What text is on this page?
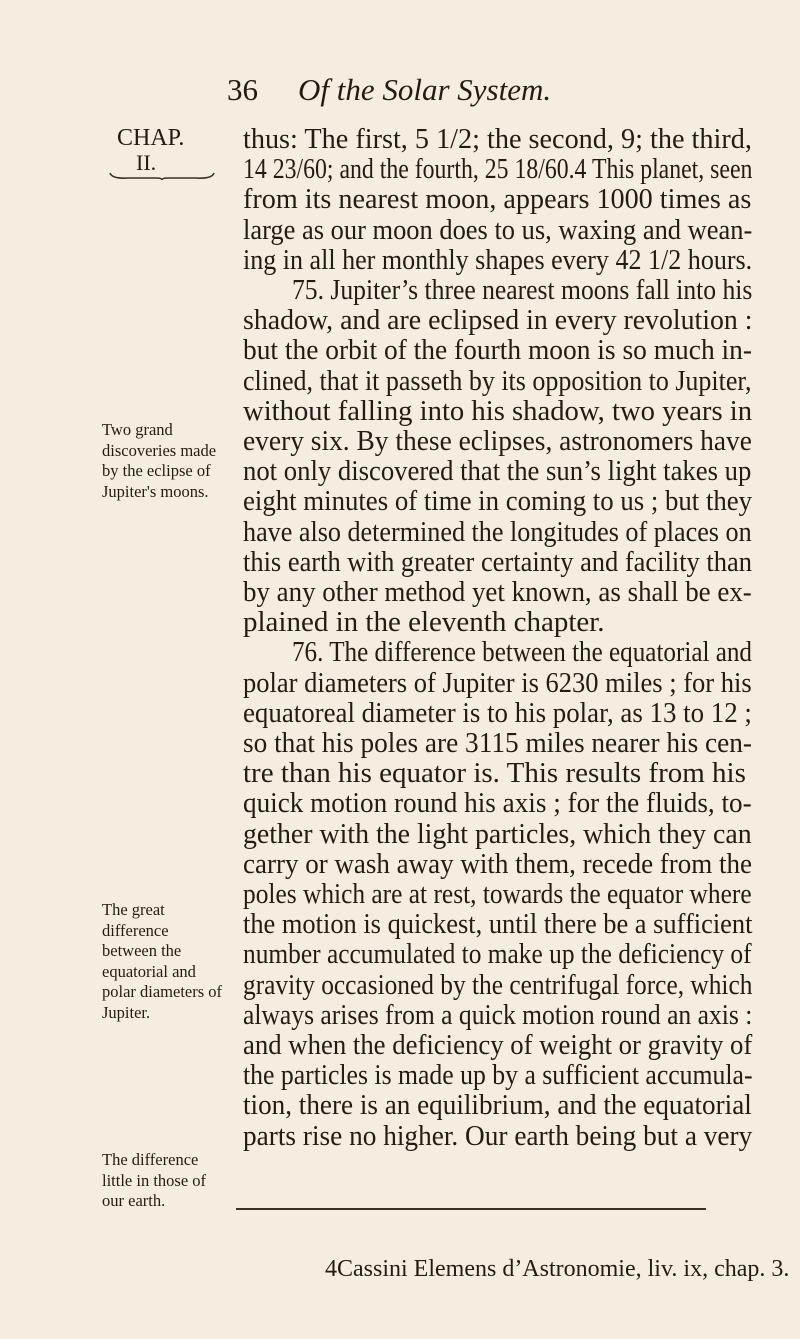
36 Of the Solar System.
CHAP.
II.
Two grand discoveries made by the eclipse of Jupiter's moons.
The great difference between the equatorial and polar diameters of Jupiter.
The difference little in those of our earth.
thus: The first, 5 1/2; the second, 9; the third,
14 23/60; and the fourth, 25 18/60.4 This planet, seen
from its nearest moon, appears 1000 times as
large as our moon does to us, waxing and wean-
ing in all her monthly shapes every 42 1/2 hours.
75. Jupiter’s three nearest moons fall into his
shadow, and are eclipsed in every revolution :
but the orbit of the fourth moon is so much in-
clined, that it passeth by its opposition to Jupiter,
without falling into his shadow, two years in
every six. By these eclipses, astronomers have
not only discovered that the sun’s light takes up
eight minutes of time in coming to us ; but they
have also determined the longitudes of places on
this earth with greater certainty and facility than
by any other method yet known, as shall be ex-
plained in the eleventh chapter.
76. The difference between the equatorial and
polar diameters of Jupiter is 6230 miles ; for his
equatoreal diameter is to his polar, as 13 to 12 ;
so that his poles are 3115 miles nearer his cen-
tre than his equator is. This results from his
quick motion round his axis ; for the fluids, to-
gether with the light particles, which they can
carry or wash away with them, recede from the
poles which are at rest, towards the equator where
the motion is quickest, until there be a sufficient
number accumulated to make up the deficiency of
gravity occasioned by the centrifugal force, which
always arises from a quick motion round an axis :
and when the deficiency of weight or gravity of
the particles is made up by a sufficient accumula-
tion, there is an equilibrium, and the equatorial
parts rise no higher. Our earth being but a very
4Cassini Elemens d’Astronomie, liv. ix, chap. 3.
